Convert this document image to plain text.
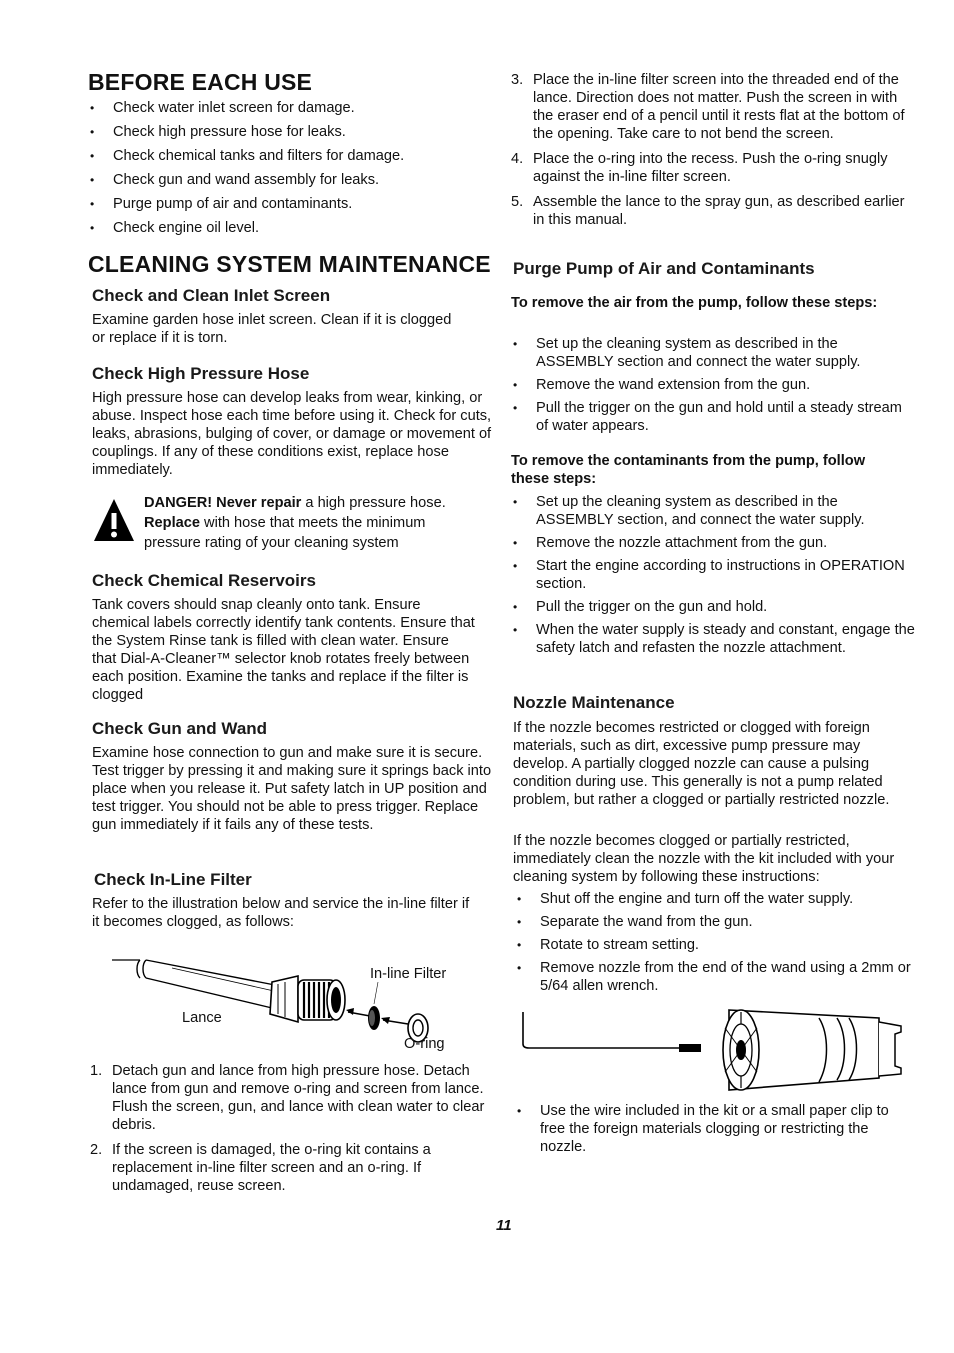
BEFORE EACH USE
• Check water inlet screen for damage.
• Check high pressure hose for leaks.
• Check chemical tanks and filters for damage.
• Check gun and wand assembly for leaks.
• Purge pump of air and contaminants.
• Check engine oil level.
CLEANING SYSTEM MAINTENANCE
Check and Clean Inlet Screen

Examine garden hose inlet screen. Clean if it is clogged or replace if it is torn.

Check High Pressure Hose

High pressure hose can develop leaks from wear, kinking, or abuse. Inspect hose each time before using it. Check for cuts, leaks, abrasions, bulging of cover, or damage or movement of couplings. If any of these conditions exist, replace hose immediately.

DANGER! Never repair a high pressure hose.
Replace with hose that meets the minimum
pressure rating of your cleaning system
Check Chemical Reservoirs

Tank covers should snap cleanly onto tank. Ensure chemical labels correctly identify tank contents. Ensure that the System Rinse tank is filled with clean water. Ensure that Dial-A-Cleaner™ selector knob rotates freely between each position. Examine the tanks and replace if the filter is clogged

Check Gun and Wand

Examine hose connection to gun and make sure it is secure. Test trigger by pressing it and making sure it springs back into place when you release it. Put safety latch in UP position and test trigger. You should not be able to press trigger. Replace gun immediately if it fails any of these tests.

Check In-Line Filter

Refer to the illustration below and service the in-line filter if it becomes clogged, as follows:

In-line Filter
Lance
O-ring
1. Detach gun and lance from high pressure hose. Detach lance from gun and remove o-ring and screen from lance. Flush the screen, gun, and lance with clean water to clear debris.
2. If the screen is damaged, the o-ring kit contains a replacement in-line filter screen and an o-ring. If undamaged, reuse screen.
3. Place the in-line filter screen into the threaded end of the lance. Direction does not matter. Push the screen in with the eraser end of a pencil until it rests flat at the bottom of the opening. Take care to not bend the screen.
4. Place the o-ring into the recess. Push the o-ring snugly against the in-line filter screen.
5. Assemble the lance to the spray gun, as described earlier in this manual.
Purge Pump of Air and Contaminants

To remove the air from the pump, follow these steps:

• Set up the cleaning system as described in the ASSEMBLY section and connect the water supply.
• Remove the wand extension from the gun.
• Pull the trigger on the gun and hold until a steady stream of water appears.

To remove the contaminants from the pump, follow these steps:

• Set up the cleaning system as described in the ASSEMBLY section, and connect the water supply.
• Remove the nozzle attachment from the gun.
• Start the engine according to instructions in OPERATION section.
• Pull the trigger on the gun and hold.
• When the water supply is steady and constant, engage the safety latch and refasten the nozzle attachment.
Nozzle Maintenance

If the nozzle becomes restricted or clogged with foreign materials, such as dirt, excessive pump pressure may develop. A partially clogged nozzle can cause a pulsing condition during use. This generally is not a pump related problem, but rather a clogged or partially restricted nozzle.

If the nozzle becomes clogged or partially restricted, immediately clean the nozzle with the kit included with your cleaning system by following these instructions:

• Shut off the engine and turn off the water supply.
• Separate the wand from the gun.
• Rotate to stream setting.
• Remove nozzle from the end of the wand using a 2mm or 5/64 allen wrench.
• Use the wire included in the kit or a small paper clip to free the foreign materials clogging or restricting the nozzle.
11
